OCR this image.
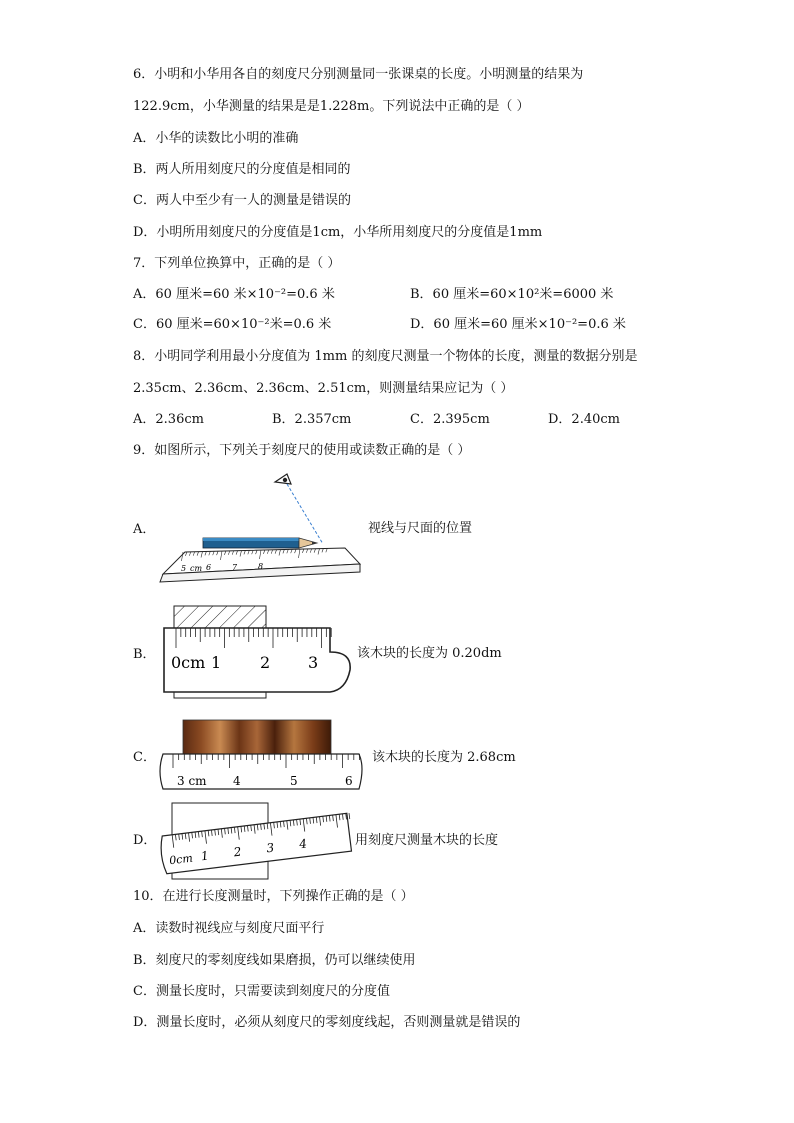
6．小明和小华用各自的刻度尺分别测量同一张课桌的长度。小明测量的结果为
122.9cm，小华测量的结果是是1.228m。下列说法中正确的是（ ）
A．小华的读数比小明的准确
B．两人所用刻度尺的分度值是相同的
C．两人中至少有一人的测量是错误的
D．小明所用刻度尺的分度值是1cm，小华所用刻度尺的分度值是1mm
7．下列单位换算中，正确的是（ ）
A．60 厘米=60 米×10⁻²=0.6 米	B．60 厘米=60×10²米=6000 米
C．60 厘米=60×10⁻²米=0.6 米	D．60 厘米=60 厘米×10⁻²=0.6 米
8．小明同学利用最小分度值为 1mm 的刻度尺测量一个物体的长度，测量的数据分别是
2.35cm、2.36cm、2.36cm、2.51cm，则测量结果应记为（ ）
A．2.36cm	B．2.357cm	C．2.395cm	D．2.40cm
9．如图所示，下列关于刻度尺的使用或读数正确的是（ ）
A．
5 cm 6	7	8
视线与尺面的位置
B． 0cm 1 2 3	该木块的长度为 0.20dm
C．
3 cm 4	5	6
该木块的长度为 2.68cm
D．
0cm 1 2 3 4	用刻度尺测量木块的长度
10．在进行长度测量时，下列操作正确的是（ ）
A．读数时视线应与刻度尺面平行
B．刻度尺的零刻度线如果磨损，仍可以继续使用
C．测量长度时，只需要读到刻度尺的分度值
D．测量长度时，必须从刻度尺的零刻度线起，否则测量就是错误的
